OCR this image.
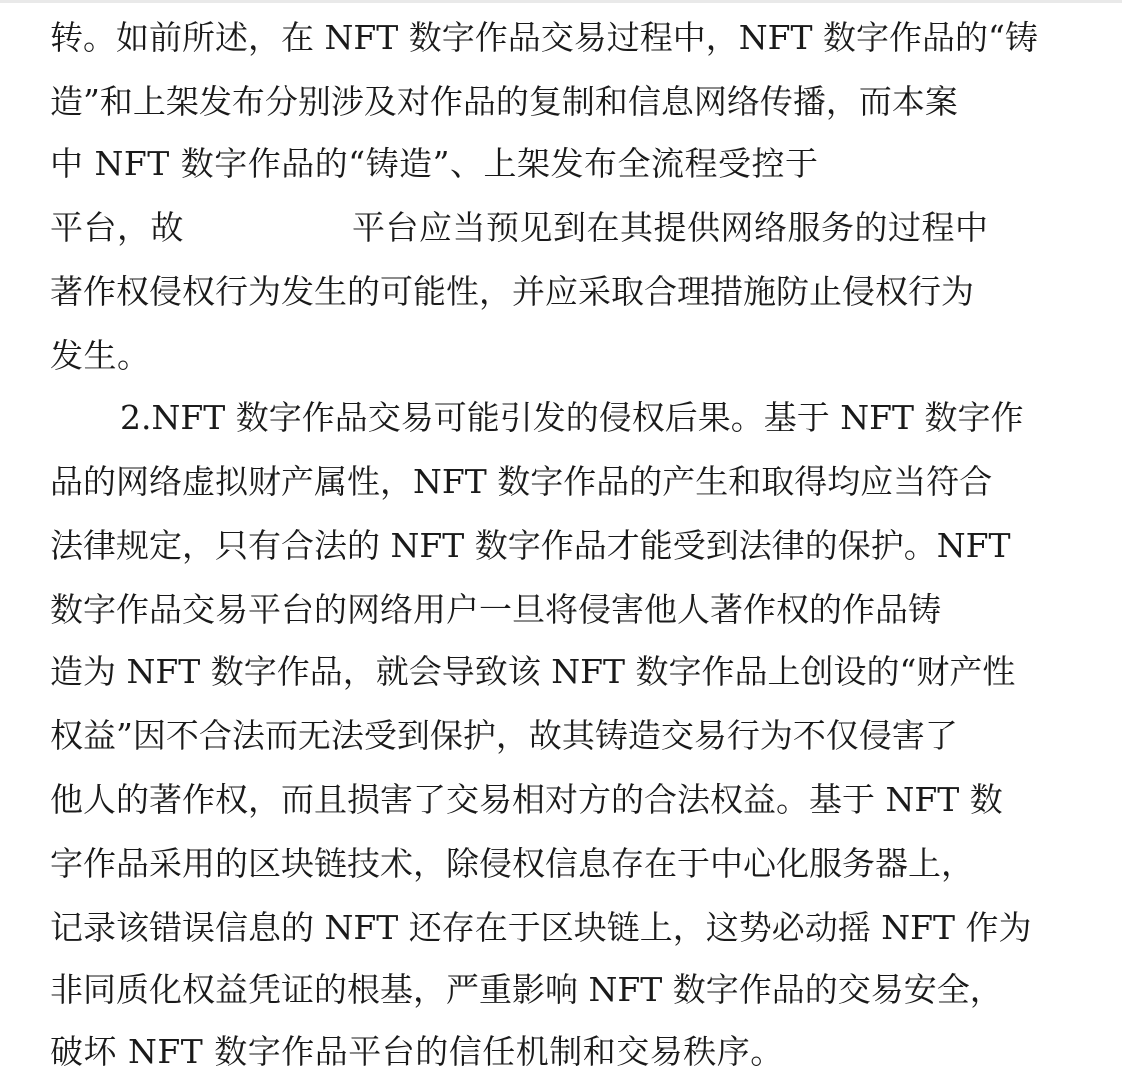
转。如前所述，在 NFT 数字作品交易过程中，NFT 数字作品的“铸
造”和上架发布分别涉及对作品的复制和信息网络传播，而本案
中 NFT 数字作品的“铸造”、上架发布全流程受控于
平台，故	平台应当预见到在其提供网络服务的过程中
著作权侵权行为发生的可能性，并应采取合理措施防止侵权行为
发生。
2.NFT 数字作品交易可能引发的侵权后果。基于 NFT 数字作
品的网络虚拟财产属性，NFT 数字作品的产生和取得均应当符合
法律规定，只有合法的 NFT 数字作品才能受到法律的保护。NFT
数字作品交易平台的网络用户一旦将侵害他人著作权的作品铸
造为 NFT 数字作品，就会导致该 NFT 数字作品上创设的“财产性
权益”因不合法而无法受到保护，故其铸造交易行为不仅侵害了
他人的著作权，而且损害了交易相对方的合法权益。基于 NFT 数
字作品采用的区块链技术，除侵权信息存在于中心化服务器上，
记录该错误信息的 NFT 还存在于区块链上，这势必动摇 NFT 作为
非同质化权益凭证的根基，严重影响 NFT 数字作品的交易安全，
破坏 NFT 数字作品平台的信任机制和交易秩序。
